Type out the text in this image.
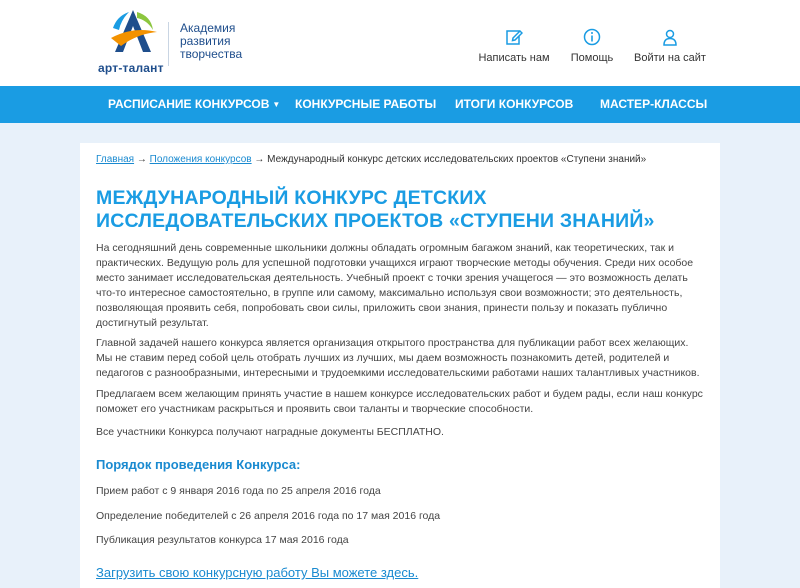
арт-талант
Академия
развития
творчества	Написать нам	Помощь	Войти на сайт
РАСПИСАНИЕ КОНКУРСОВ ▼ КОНКУРСНЫЕ РАБОТЫ ИТОГИ КОНКУРСОВ МАСТЕР-КЛАССЫ
Главная → Положения конкурсов → Международный конкурс детских исследовательских проектов «Ступени знаний»
МЕЖДУНАРОДНЫЙ КОНКУРС ДЕТСКИХ ИССЛЕДОВАТЕЛЬСКИХ ПРОЕКТОВ «СТУПЕНИ ЗНАНИЙ»

На сегодняшний день современные школьники должны обладать огромным багажом знаний, как теоретических, так и практических. Ведущую роль для успешной подготовки учащихся играют творческие методы обучения. Среди них особое место занимает исследовательская деятельность. Учебный проект с точки зрения учащегося — это возможность делать что-то интересное самостоятельно, в группе или самому, максимально используя свои возможности; это деятельность, позволяющая проявить себя, попробовать свои силы, приложить свои знания, принести пользу и показать публично достигнутый результат.

Главной задачей нашего конкурса является организация открытого пространства для публикации работ всех желающих. Мы не ставим перед собой цель отобрать лучших из лучших, мы даем возможность познакомить детей, родителей и педагогов с разнообразными, интересными и трудоемкими исследовательскими работами наших талантливых участников.

Предлагаем всем желающим принять участие в нашем конкурсе исследовательских работ и будем рады, если наш конкурс поможет его участникам раскрыться и проявить свои таланты и творческие способности.

Все участники Конкурса получают наградные документы БЕСПЛАТНО.

Порядок проведения Конкурса:

Прием работ с 9 января 2016 года по 25 апреля 2016 года

Определение победителей с 26 апреля 2016 года по 17 мая 2016 года

Публикация результатов конкурса 17 мая 2016 года

Загрузить свою конкурсную работу Вы можете здесь.
